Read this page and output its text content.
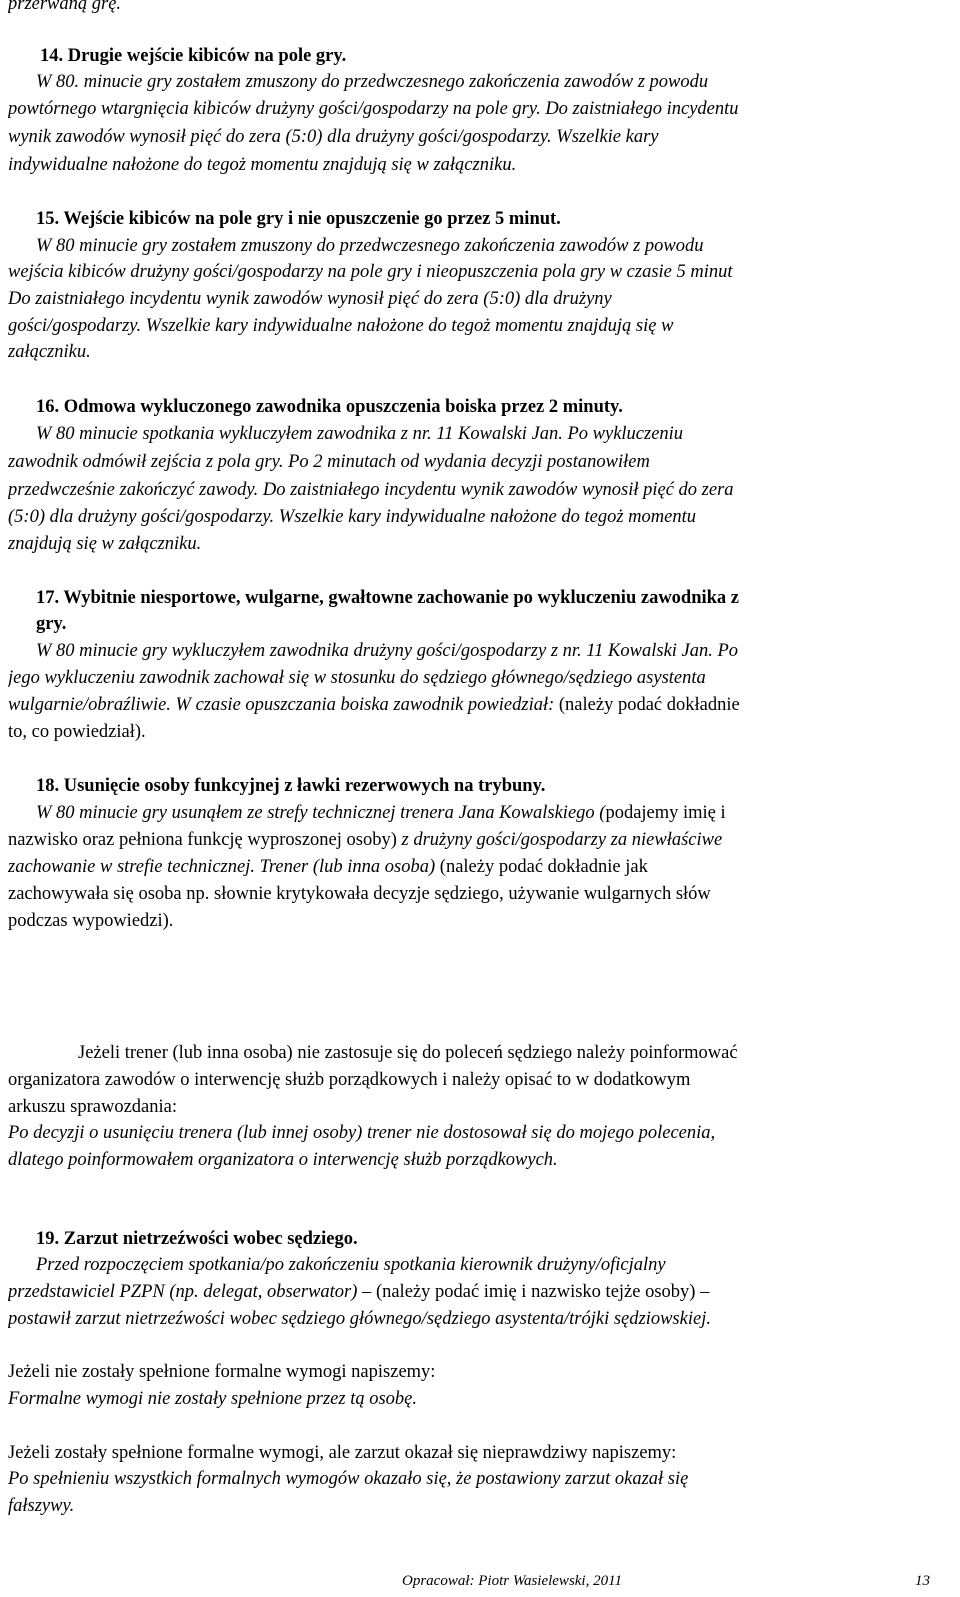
przerwaną grę.
14. Drugie wejście kibiców na pole gry.
W 80. minucie gry zostałem zmuszony do przedwczesnego zakończenia zawodów z powodu
powtórnego wtargnięcia kibiców drużyny gości/gospodarzy na pole gry. Do zaistniałego incydentu
wynik zawodów wynosił pięć do zera (5:0) dla drużyny gości/gospodarzy. Wszelkie kary
indywidualne nałożone do tegoż momentu znajdują się w załączniku.
15. Wejście kibiców na pole gry i nie opuszczenie go przez 5 minut.
W 80 minucie gry zostałem zmuszony do przedwczesnego zakończenia zawodów z powodu
wejścia kibiców drużyny gości/gospodarzy na pole gry i nieopuszczenia pola gry w czasie 5 minut
Do zaistniałego incydentu wynik zawodów wynosił pięć do zera (5:0) dla drużyny
gości/gospodarzy. Wszelkie kary indywidualne nałożone do tegoż momentu znajdują się w
załączniku.
16. Odmowa wykluczonego zawodnika opuszczenia boiska przez 2 minuty.
W 80 minucie spotkania wykluczyłem zawodnika z nr. 11 Kowalski Jan. Po wykluczeniu
zawodnik odmówił zejścia z pola gry. Po 2 minutach od wydania decyzji postanowiłem
przedwcześnie zakończyć zawody. Do zaistniałego incydentu wynik zawodów wynosił pięć do zera
(5:0) dla drużyny gości/gospodarzy. Wszelkie kary indywidualne nałożone do tegoż momentu
znajdują się w załączniku.
17. Wybitnie niesportowe, wulgarne, gwałtowne zachowanie po wykluczeniu zawodnika z
gry.
W 80 minucie gry wykluczyłem zawodnika drużyny gości/gospodarzy z nr. 11 Kowalski Jan. Po
jego wykluczeniu zawodnik zachował się w stosunku do sędziego głównego/sędziego asystenta
wulgarnie/obraźliwie. W czasie opuszczania boiska zawodnik powiedział: (należy podać dokładnie
to, co powiedział).
18. Usunięcie osoby funkcyjnej z ławki rezerwowych na trybuny.
W 80 minucie gry usunąłem ze strefy technicznej trenera Jana Kowalskiego (podajemy imię i
nazwisko oraz pełniona funkcję wyproszonej osoby) z drużyny gości/gospodarzy za niewłaściwe
zachowanie w strefie technicznej. Trener (lub inna osoba) (należy podać dokładnie jak
zachowywała się osoba np. słownie krytykowała decyzje sędziego, używanie wulgarnych słów
podczas wypowiedzi).
Jeżeli trener (lub inna osoba) nie zastosuje się do poleceń sędziego należy poinformować
organizatora zawodów o interwencję służb porządkowych i należy opisać to w dodatkowym
arkuszu sprawozdania:
Po decyzji o usunięciu trenera (lub innej osoby) trener nie dostosował się do mojego polecenia,
dlatego poinformowałem organizatora o interwencję służb porządkowych.
19. Zarzut nietrzeźwości wobec sędziego.
Przed rozpoczęciem spotkania/po zakończeniu spotkania kierownik drużyny/oficjalny
przedstawiciel PZPN (np. delegat, obserwator) – (należy podać imię i nazwisko tejże osoby) –
postawił zarzut nietrzeźwości wobec sędziego głównego/sędziego asystenta/trójki sędziowskiej.
Jeżeli nie zostały spełnione formalne wymogi napiszemy:
Formalne wymogi nie zostały spełnione przez tą osobę.
Jeżeli zostały spełnione formalne wymogi, ale zarzut okazał się nieprawdziwy napiszemy:
Po spełnieniu wszystkich formalnych wymogów okazało się, że postawiony zarzut okazał się
fałszywy.
Opracował: Piotr Wasielewski, 2011	13
